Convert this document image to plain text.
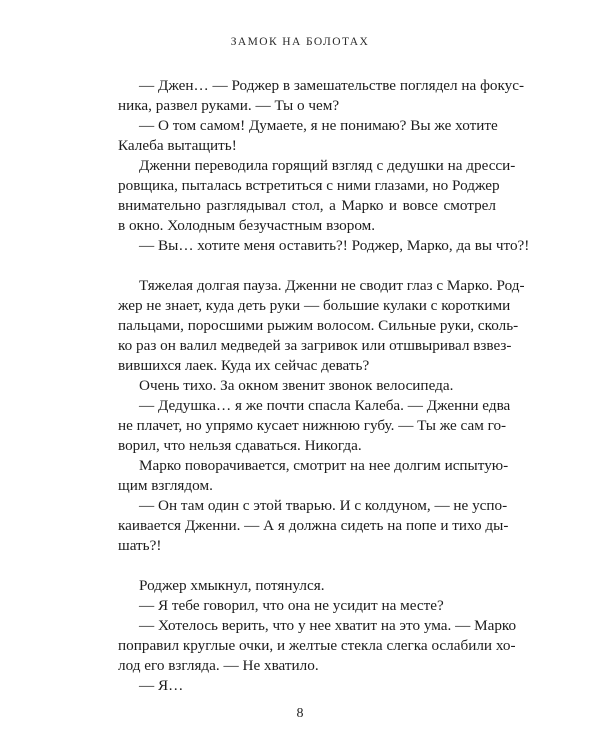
ЗАМОК НА БОЛОТАХ
— Джен… — Роджер в замешательстве поглядел на фокус-
ника, развел руками. — Ты о чем?
— О том самом! Думаете, я не понимаю? Вы же хотите
Калеба вытащить!
Дженни переводила горящий взгляд с дедушки на дресси-
ровщика, пыталась встретиться с ними глазами, но Роджер
внимательно разглядывал стол, а Марко и вовсе смотрел
в окно. Холодным безучастным взором.
— Вы… хотите меня оставить?! Роджер, Марко, да вы что?!
Тяжелая долгая пауза. Дженни не сводит глаз с Марко. Род-
жер не знает, куда деть руки — большие кулаки с короткими
пальцами, поросшими рыжим волосом. Сильные руки, сколь-
ко раз он валил медведей за загривок или отшвыривал взвез-
вившихся лаек. Куда их сейчас девать?
Очень тихо. За окном звенит звонок велосипеда.
— Дедушка… я же почти спасла Калеба. — Дженни едва
не плачет, но упрямо кусает нижнюю губу. — Ты же сам го-
ворил, что нельзя сдаваться. Никогда.
Марко поворачивается, смотрит на нее долгим испытую-
щим взглядом.
— Он там один с этой тварью. И с колдуном, — не успо-
каивается Дженни. — А я должна сидеть на попе и тихо ды-
шать?!
Роджер хмыкнул, потянулся.
— Я тебе говорил, что она не усидит на месте?
— Хотелось верить, что у нее хватит на это ума. — Марко
поправил круглые очки, и желтые стекла слегка ослабили хо-
лод его взгляда. — Не хватило.
— Я…
8
